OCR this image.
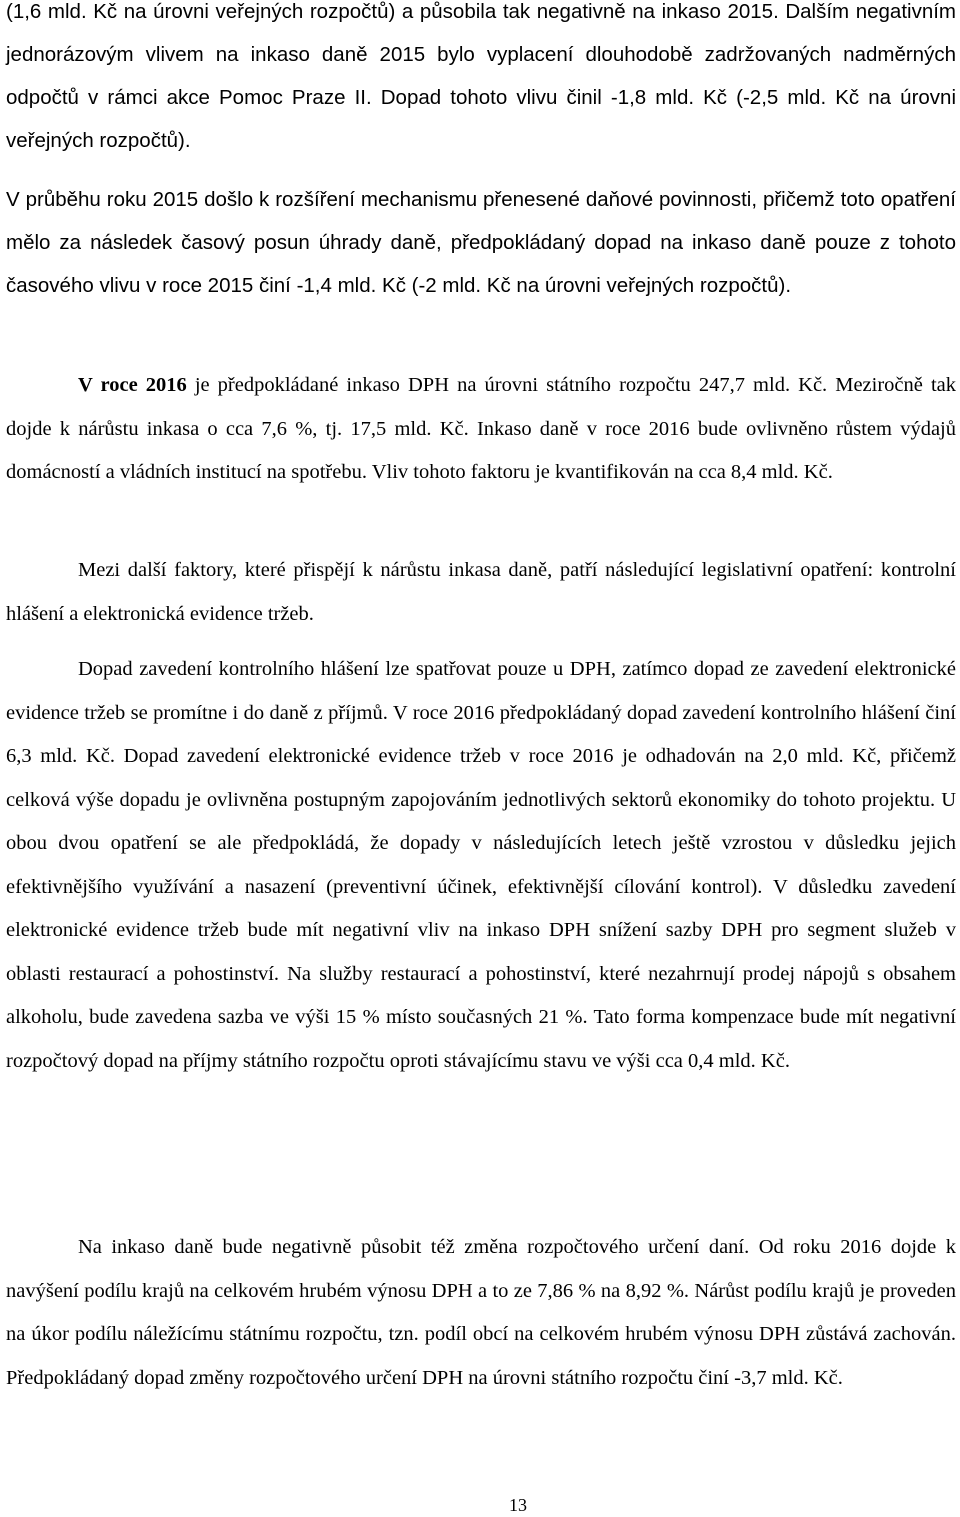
(1,6 mld. Kč na úrovni veřejných rozpočtů) a působila tak negativně na inkaso 2015. Dalším negativním jednorázovým vlivem na inkaso daně 2015 bylo vyplacení dlouhodobě zadržovaných nadměrných odpočtů v rámci akce Pomoc Praze II. Dopad tohoto vlivu činil -1,8 mld. Kč (-2,5 mld. Kč na úrovni veřejných rozpočtů).

V průběhu roku 2015 došlo k rozšíření mechanismu přenesené daňové povinnosti, přičemž toto opatření mělo za následek časový posun úhrady daně, předpokládaný dopad na inkaso daně pouze z tohoto časového vlivu v roce 2015 činí -1,4 mld. Kč (-2 mld. Kč na úrovni veřejných rozpočtů).

V roce 2016 je předpokládané inkaso DPH na úrovni státního rozpočtu 247,7 mld. Kč. Meziročně tak dojde k nárůstu inkasa o cca 7,6 %, tj. 17,5 mld. Kč. Inkaso daně v roce 2016 bude ovlivněno růstem výdajů domácností a vládních institucí na spotřebu. Vliv tohoto faktoru je kvantifikován na cca 8,4 mld. Kč.

Mezi další faktory, které přispějí k nárůstu inkasa daně, patří následující legislativní opatření: kontrolní hlášení a elektronická evidence tržeb.

Dopad zavedení kontrolního hlášení lze spatřovat pouze u DPH, zatímco dopad ze zavedení elektronické evidence tržeb se promítne i do daně z příjmů. V roce 2016 předpokládaný dopad zavedení kontrolního hlášení činí 6,3 mld. Kč. Dopad zavedení elektronické evidence tržeb v roce 2016 je odhadován na 2,0 mld. Kč, přičemž celková výše dopadu je ovlivněna postupným zapojováním jednotlivých sektorů ekonomiky do tohoto projektu. U obou dvou opatření se ale předpokládá, že dopady v následujících letech ještě vzrostou v důsledku jejich efektivnějšího využívání a nasazení (preventivní účinek, efektivnější cílování kontrol). V důsledku zavedení elektronické evidence tržeb bude mít negativní vliv na inkaso DPH snížení sazby DPH pro segment služeb v oblasti restaurací a pohostinství. Na služby restaurací a pohostinství, které nezahrnují prodej nápojů s obsahem alkoholu, bude zavedena sazba ve výši 15 % místo současných 21 %. Tato forma kompenzace bude mít negativní rozpočtový dopad na příjmy státního rozpočtu oproti stávajícímu stavu ve výši cca 0,4 mld. Kč.

Na inkaso daně bude negativně působit též změna rozpočtového určení daní. Od roku 2016 dojde k navýšení podílu krajů na celkovém hrubém výnosu DPH a to ze 7,86 % na 8,92 %. Nárůst podílu krajů je proveden na úkor podílu náležícímu státnímu rozpočtu, tzn. podíl obcí na celkovém hrubém výnosu DPH zůstává zachován. Předpokládaný dopad změny rozpočtového určení DPH na úrovni státního rozpočtu činí -3,7 mld. Kč.

13
